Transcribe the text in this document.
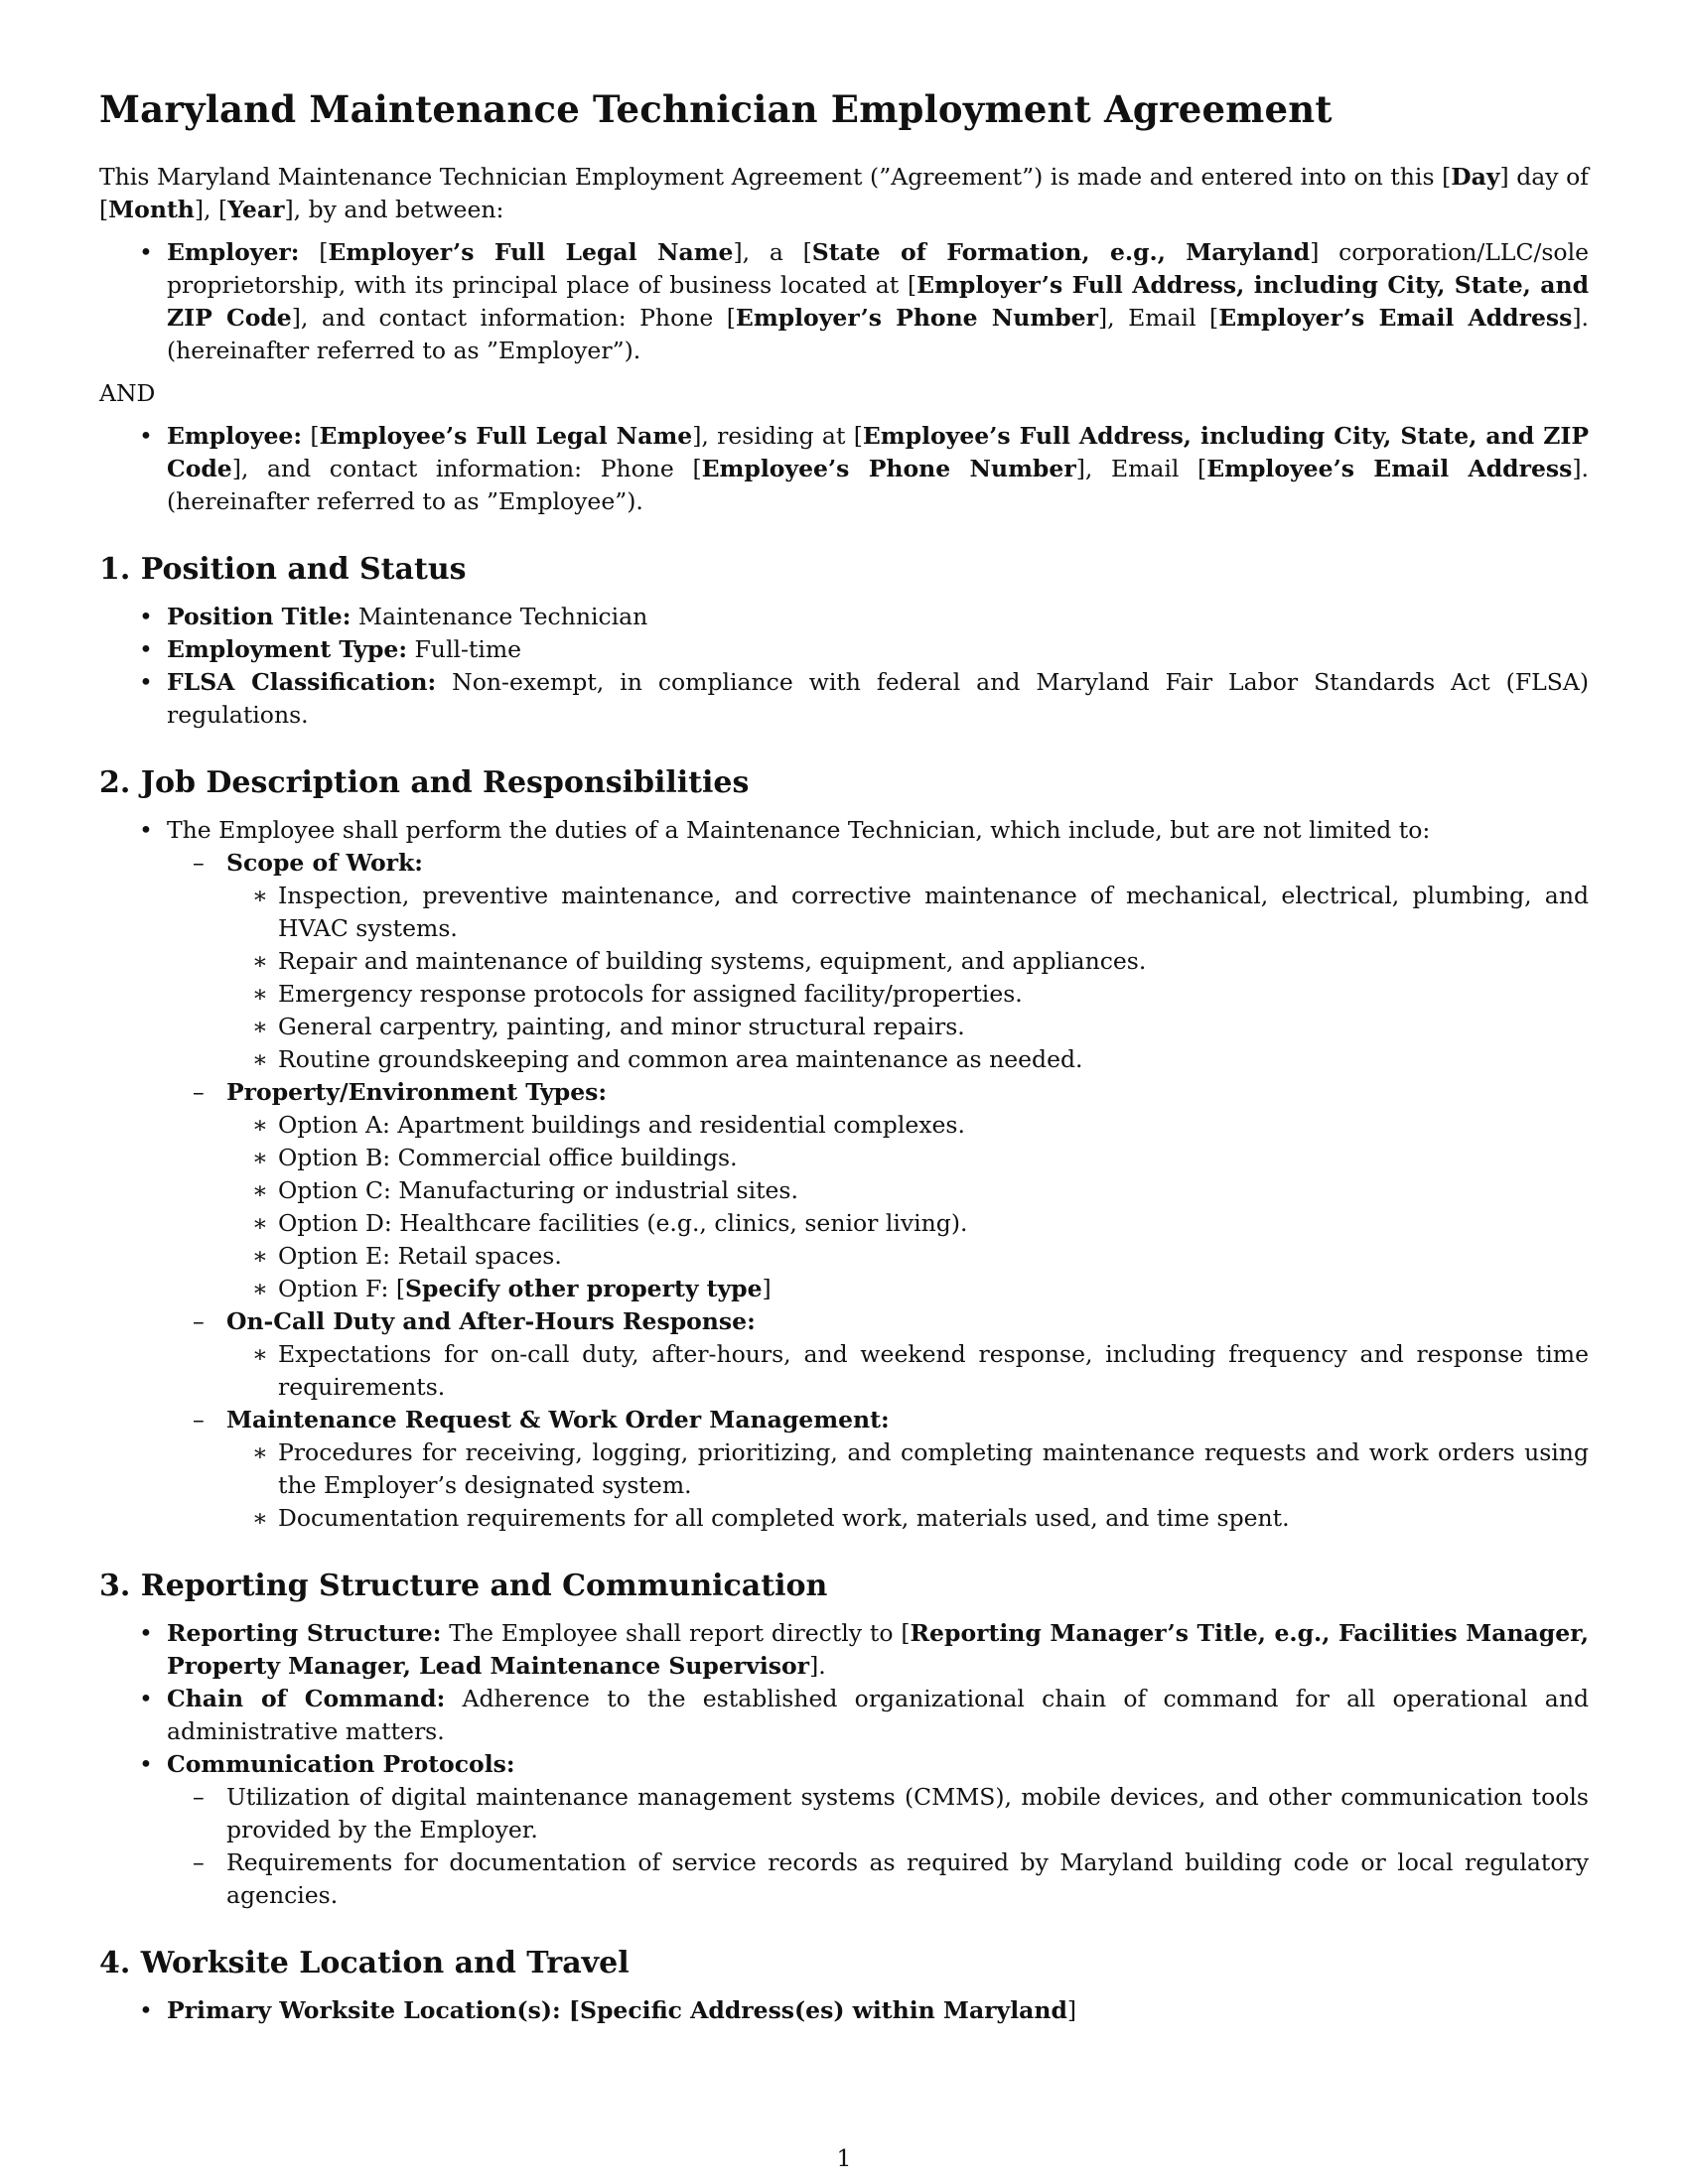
Maryland Maintenance Technician Employment Agreement

This Maryland Maintenance Technician Employment Agreement (”Agreement”) is made and entered into on this [Day] day of [Month], [Year], by and between:

• Employer: [Employer’s Full Legal Name], a [State of Formation, e.g., Maryland] corporation/LLC/sole proprietorship, with its principal place of business located at [Employer’s Full Address, including City, State, and ZIP Code], and contact information: Phone [Employer’s Phone Number], Email [Employer’s Email Address]. (hereinafter referred to as ”Employer”).

AND

• Employee: [Employee’s Full Legal Name], residing at [Employee’s Full Address, including City, State, and ZIP Code], and contact information: Phone [Employee’s Phone Number], Email [Employee’s Email Address]. (hereinafter referred to as ”Employee”).
1. Position and Status
• Position Title: Maintenance Technician
• Employment Type: Full-time
• FLSA Classification: Non-exempt, in compliance with federal and Maryland Fair Labor Standards Act (FLSA) regulations.
2. Job Description and Responsibilities
• The Employee shall perform the duties of a Maintenance Technician, which include, but are not limited to:
– Scope of Work:
∗ Inspection, preventive maintenance, and corrective maintenance of mechanical, electrical, plumbing, and HVAC systems.
∗ Repair and maintenance of building systems, equipment, and appliances.
∗ Emergency response protocols for assigned facility/properties.
∗ General carpentry, painting, and minor structural repairs.
∗ Routine groundskeeping and common area maintenance as needed.
– Property/Environment Types:
∗ Option A: Apartment buildings and residential complexes.
∗ Option B: Commercial office buildings.
∗ Option C: Manufacturing or industrial sites.
∗ Option D: Healthcare facilities (e.g., clinics, senior living).
∗ Option E: Retail spaces.
∗ Option F: [Specify other property type]
– On-Call Duty and After-Hours Response:
∗ Expectations for on-call duty, after-hours, and weekend response, including frequency and response time requirements.
– Maintenance Request & Work Order Management:
∗ Procedures for receiving, logging, prioritizing, and completing maintenance requests and work orders using the Employer’s designated system.
∗ Documentation requirements for all completed work, materials used, and time spent.
3. Reporting Structure and Communication
• Reporting Structure: The Employee shall report directly to [Reporting Manager’s Title, e.g., Facilities Manager, Property Manager, Lead Maintenance Supervisor].
• Chain of Command: Adherence to the established organizational chain of command for all operational and administrative matters.
• Communication Protocols:
– Utilization of digital maintenance management systems (CMMS), mobile devices, and other communication tools provided by the Employer.
– Requirements for documentation of service records as required by Maryland building code or local regulatory agencies.
4. Worksite Location and Travel
• Primary Worksite Location(s): [Specific Address(es) within Maryland]
1
